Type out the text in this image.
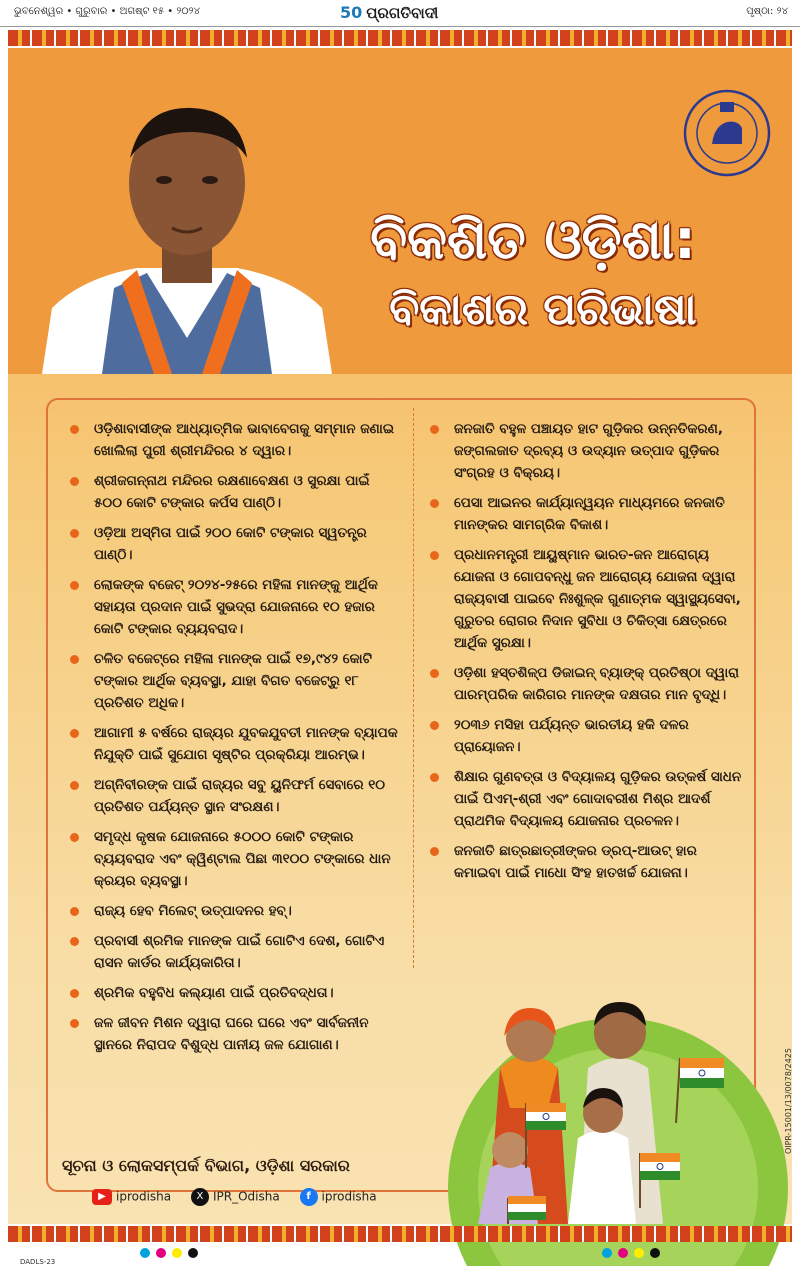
ଭୁବନେଶ୍ୱର • ଗୁରୁବାର • ଅଗଷ୍ଟ ୧୫ • ୨୦୨୪	50 ପ୍ରଗତିବାଦୀ	ପୃଷ୍ଠା: ୨୪
ବିକଶିତ ଓଡ଼ିଶା:
ବିକାଶର ପରିଭାଷା
ଓଡ଼ିଶାବାସୀଙ୍କ ଆଧ୍ୟାତ୍ମିକ ଭାବାବେଗକୁ ସମ୍ମାନ ଜଣାଇ ଖୋଲିଲା ପୁରୀ ଶ୍ରୀମନ୍ଦିରର ୪ ଦ୍ୱାର।
ଶ୍ରୀଜଗନ୍ନାଥ ମନ୍ଦିରର ରକ୍ଷଣାବେକ୍ଷଣ ଓ ସୁରକ୍ଷା ପାଇଁ ୫୦୦ କୋଟି ଟଙ୍କାର କର୍ପସ ପାଣ୍ଠି।
ଓଡ଼ିଆ ଅସ୍ମିତା ପାଇଁ ୨୦୦ କୋଟି ଟଙ୍କାର ସ୍ୱତନ୍ତ୍ର ପାଣ୍ଠି।
ଲୋକଙ୍କ ବଜେଟ୍ ୨୦୨୪-୨୫ରେ ମହିଳା ମାନଙ୍କୁ ଆର୍ଥିକ ସହାୟତା ପ୍ରଦାନ ପାଇଁ ସୁଭଦ୍ରା ଯୋଜନାରେ ୧୦ ହଜାର କୋଟି ଟଙ୍କାର ବ୍ୟୟବରାଦ।
ଚଳିତ ବଜେଟ୍‌ରେ ମହିଳା ମାନଙ୍କ ପାଇଁ ୧୭,୯୪୨ କୋଟି ଟଙ୍କାର ଆର୍ଥିକ ବ୍ୟବସ୍ଥା, ଯାହା ବିଗତ ବଜେଟ୍‌ରୁ ୧୮ ପ୍ରତିଶତ ଅଧିକ।
ଆଗାମୀ ୫ ବର୍ଷରେ ରାଜ୍ୟର ଯୁବକଯୁବତୀ ମାନଙ୍କ ବ୍ୟାପକ ନିଯୁକ୍ତି ପାଇଁ ସୁଯୋଗ ସୃଷ୍ଟିର ପ୍ରକ୍ରିୟା ଆରମ୍ଭ।
ଅଗ୍ନିବୀରଙ୍କ ପାଇଁ ରାଜ୍ୟର ସବୁ ୟୁନିଫର୍ମ ସେବାରେ ୧୦ ପ୍ରତିଶତ ପର୍ଯ୍ୟନ୍ତ ସ୍ଥାନ ସଂରକ୍ଷଣ।
ସମୃଦ୍ଧ କୃଷକ ଯୋଜନାରେ ୫୦୦୦ କୋଟି ଟଙ୍କାର ବ୍ୟୟବରାଦ ଏବଂ କ୍ୱିଣ୍ଟାଲ ପିଛା ୩୧୦୦ ଟଙ୍କାରେ ଧାନ କ୍ରୟର ବ୍ୟବସ୍ଥା।
ରାଜ୍ୟ ହେବ ମିଲେଟ୍ ଉତ୍ପାଦନର ହବ୍।
ପ୍ରବାସୀ ଶ୍ରମିକ ମାନଙ୍କ ପାଇଁ ଗୋଟିଏ ଦେଶ, ଗୋଟିଏ ରାସନ କାର୍ଡର କାର୍ଯ୍ୟକାରିତା।
ଶ୍ରମିକ ବହୁବିଧ କଲ୍ୟାଣ ପାଇଁ ପ୍ରତିବଦ୍ଧତା।
ଜଳ ଜୀବନ ମିଶନ ଦ୍ୱାରା ଘରେ ଘରେ ଏବଂ ସାର୍ବଜନୀନ ସ୍ଥାନରେ ନିରାପଦ ବିଶୁଦ୍ଧ ପାନୀୟ ଜଳ ଯୋଗାଣ।
ଜନଜାତି ବହୁଳ ପଞ୍ଚାୟତ ହାଟ ଗୁଡ଼ିକର ଉନ୍ନତିକରଣ, ଜଙ୍ଗଲଜାତ ଦ୍ରବ୍ୟ ଓ ଉଦ୍ୟାନ ଉତ୍ପାଦ ଗୁଡ଼ିକର ସଂଗ୍ରହ ଓ ବିକ୍ରୟ।
ପେସା ଆଇନର କାର୍ଯ୍ୟାନ୍ୱୟନ ମାଧ୍ୟମରେ ଜନଜାତି ମାନଙ୍କର ସାମଗ୍ରିକ ବିକାଶ।
ପ୍ରଧାନମନ୍ତ୍ରୀ ଆୟୁଷ୍ମାନ ଭାରତ-ଜନ ଆରୋଗ୍ୟ ଯୋଜନା ଓ ଗୋପବନ୍ଧୁ ଜନ ଆରୋଗ୍ୟ ଯୋଜନା ଦ୍ୱାରା ରାଜ୍ୟବାସୀ ପାଇବେ ନିଃଶୁଳ୍କ ଗୁଣାତ୍ମକ ସ୍ୱାସ୍ଥ୍ୟସେବା, ଗୁରୁତର ରୋଗର ନିଦାନ ସୁବିଧା ଓ ଚିକିତ୍ସା କ୍ଷେତ୍ରରେ ଆର୍ଥିକ ସୁରକ୍ଷା।
ଓଡ଼ିଶା ହସ୍ତଶିଳ୍ପ ଡିଜାଇନ୍ ବ୍ୟାଙ୍କ୍ ପ୍ରତିଷ୍ଠା ଦ୍ୱାରା ପାରମ୍ପରିକ କାରିଗର ମାନଙ୍କ ଦକ୍ଷତାର ମାନ ବୃଦ୍ଧି।
୨୦୩୬ ମସିହା ପର୍ଯ୍ୟନ୍ତ ଭାରତୀୟ ହକି ଦଳର ପ୍ରାୟୋଜନ।
ଶିକ୍ଷାର ଗୁଣବତ୍ତା ଓ ବିଦ୍ୟାଳୟ ଗୁଡ଼ିକର ଉତ୍କର୍ଷ ସାଧନ ପାଇଁ ପିଏମ୍-ଶ୍ରୀ ଏବଂ ଗୋଦାବରୀଶ ମିଶ୍ର ଆଦର୍ଶ ପ୍ରାଥମିକ ବିଦ୍ୟାଳୟ ଯୋଜନାର ପ୍ରଚଳନ।
ଜନଜାତି ଛାତ୍ରଛାତ୍ରୀଙ୍କର ଡ୍ରପ୍-ଆଉଟ୍ ହାର କମାଇବା ପାଇଁ ମାଧୋ ସିଂହ ହାତଖର୍ଚ୍ଚ ଯୋଜନା।
ସୂଚନା ଓ ଲୋକସମ୍ପର୍କ ବିଭାଗ, ଓଡ଼ିଶା ସରକାର
▶ iprodisha	X IPR_Odisha	f iprodisha
DADLS-23
OIPR-15001/13/0078/2425
